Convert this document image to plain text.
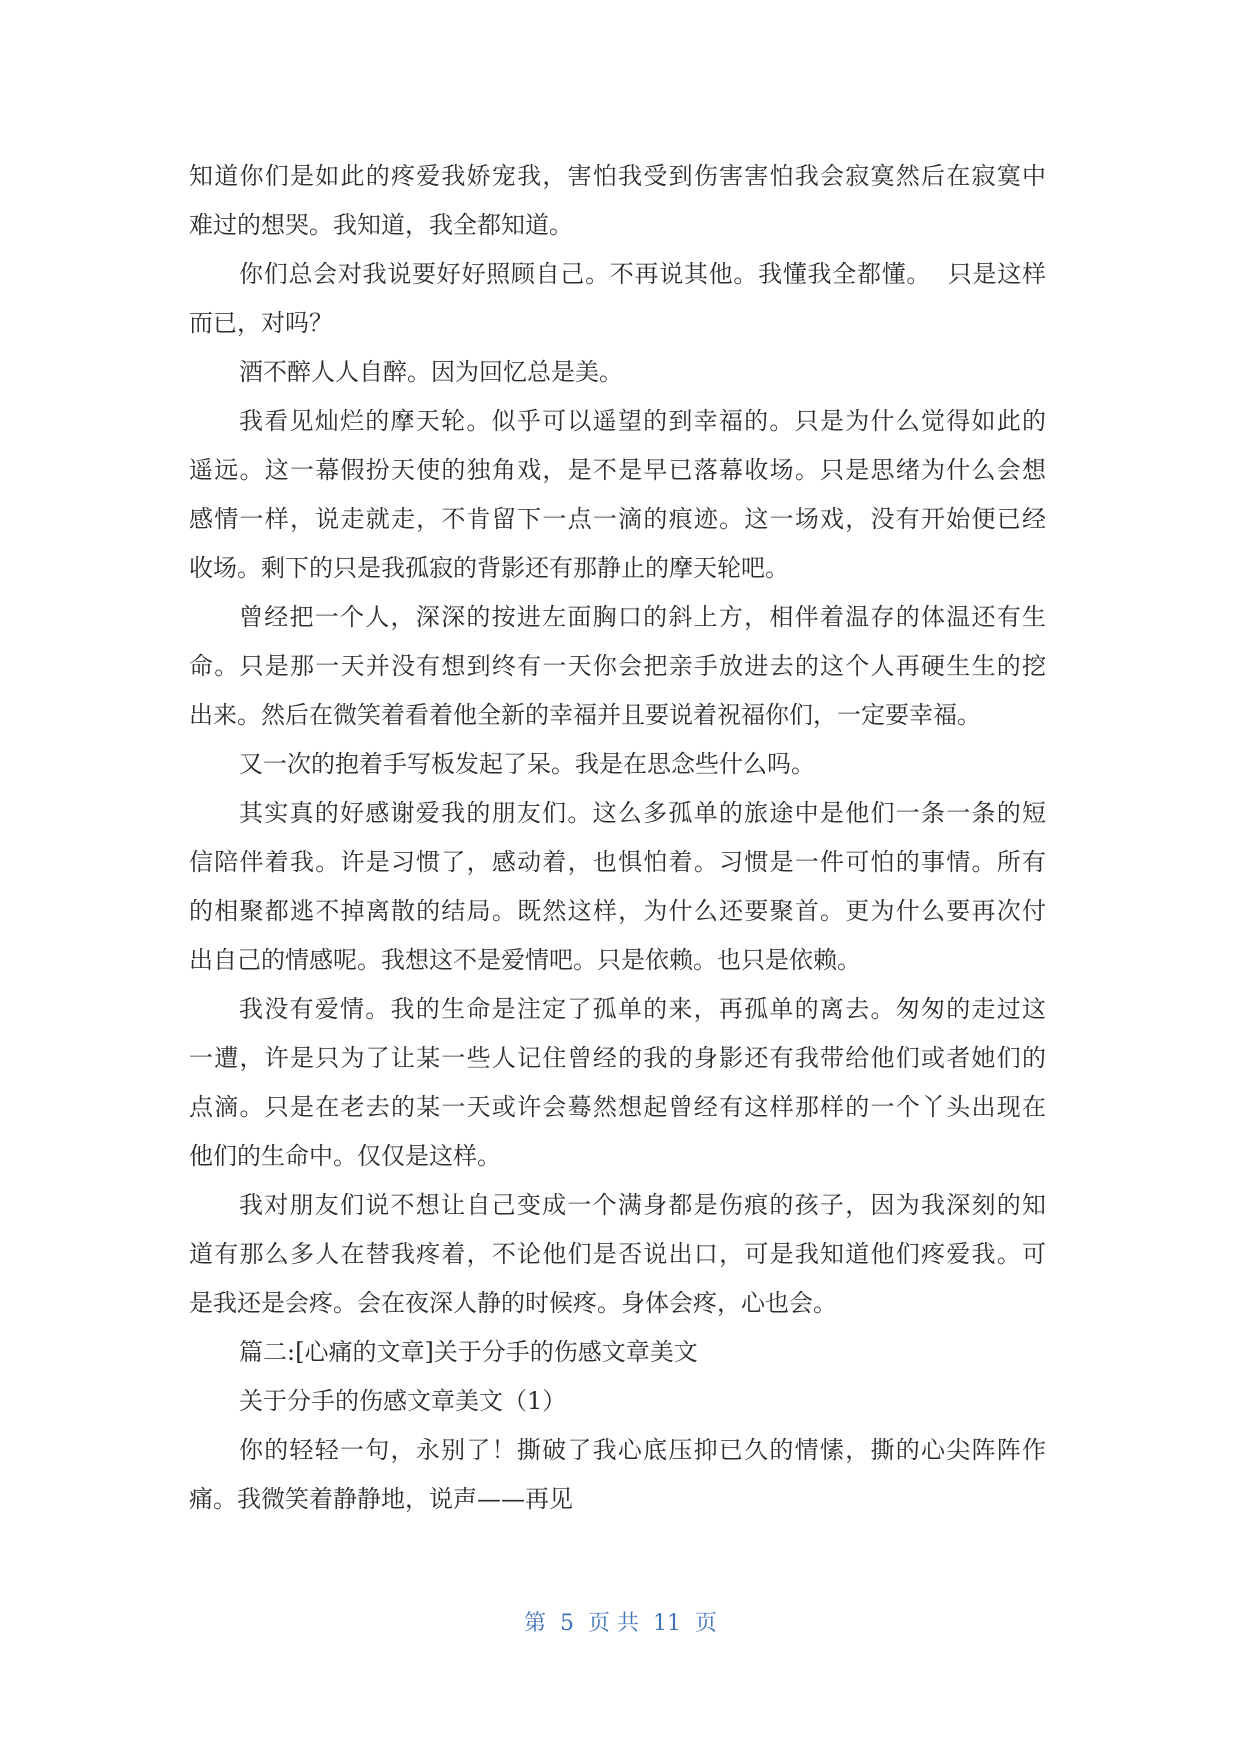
知道你们是如此的疼爱我娇宠我，害怕我受到伤害害怕我会寂寞然后在寂寞中
难过的想哭。我知道，我全都知道。
你们总会对我说要好好照顾自己。不再说其他。我懂我全都懂。  只是这样
而已，对吗？
酒不醉人人自醉。因为回忆总是美。
我看见灿烂的摩天轮。似乎可以遥望的到幸福的。只是为什么觉得如此的
遥远。这一幕假扮天使的独角戏，是不是早已落幕收场。只是思绪为什么会想
感情一样，说走就走，不肯留下一点一滴的痕迹。这一场戏，没有开始便已经
收场。剩下的只是我孤寂的背影还有那静止的摩天轮吧。
曾经把一个人，深深的按进左面胸口的斜上方，相伴着温存的体温还有生
命。只是那一天并没有想到终有一天你会把亲手放进去的这个人再硬生生的挖
出来。然后在微笑着看着他全新的幸福并且要说着祝福你们，一定要幸福。
又一次的抱着手写板发起了呆。我是在思念些什么吗。
其实真的好感谢爱我的朋友们。这么多孤单的旅途中是他们一条一条的短
信陪伴着我。许是习惯了，感动着，也惧怕着。习惯是一件可怕的事情。所有
的相聚都逃不掉离散的结局。既然这样，为什么还要聚首。更为什么要再次付
出自己的情感呢。我想这不是爱情吧。只是依赖。也只是依赖。
我没有爱情。我的生命是注定了孤单的来，再孤单的离去。匆匆的走过这
一遭，许是只为了让某一些人记住曾经的我的身影还有我带给他们或者她们的
点滴。只是在老去的某一天或许会蓦然想起曾经有这样那样的一个丫头出现在
他们的生命中。仅仅是这样。
我对朋友们说不想让自己变成一个满身都是伤痕的孩子，因为我深刻的知
道有那么多人在替我疼着，不论他们是否说出口，可是我知道他们疼爱我。可
是我还是会疼。会在夜深人静的时候疼。身体会疼，心也会。
篇二:[心痛的文章]关于分手的伤感文章美文
关于分手的伤感文章美文（1）
你的轻轻一句，永别了！撕破了我心底压抑已久的情愫，撕的心尖阵阵作
痛。我微笑着静静地，说声——再见
第  5  页 共  11  页
